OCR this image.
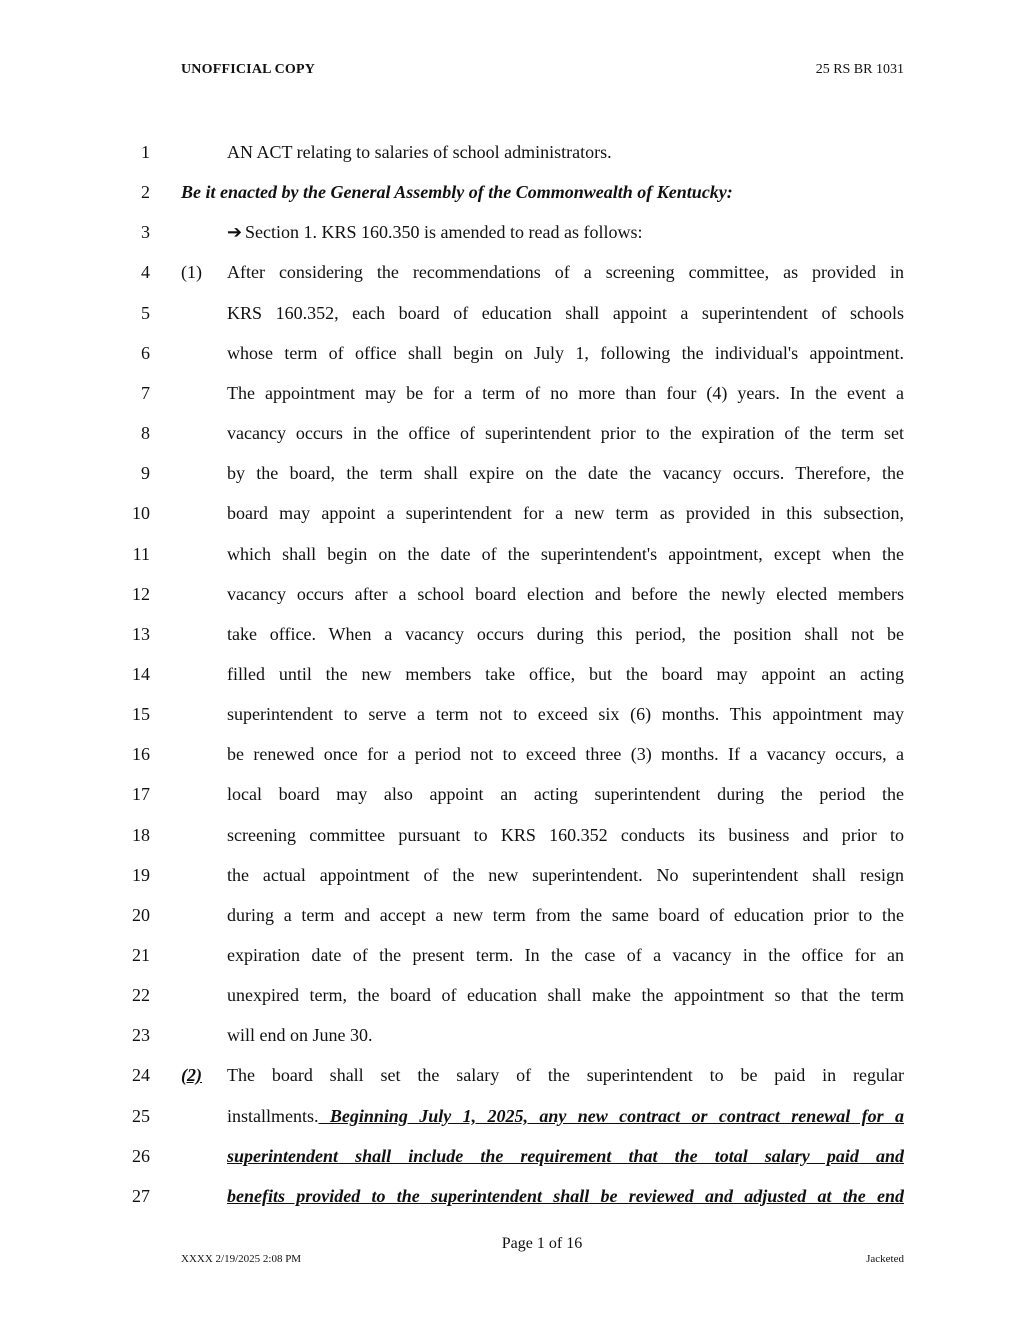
UNOFFICIAL COPY	25 RS BR 1031
1	AN ACT relating to salaries of school administrators.
2 Be it enacted by the General Assembly of the Commonwealth of Kentucky:
3	➔ Section 1. KRS 160.350 is amended to read as follows:
4 (1) After considering the recommendations of a screening committee, as provided in
5	KRS 160.352, each board of education shall appoint a superintendent of schools
6	whose term of office shall begin on July 1, following the individual's appointment.
7	The appointment may be for a term of no more than four (4) years. In the event a
8	vacancy occurs in the office of superintendent prior to the expiration of the term set
9	by the board, the term shall expire on the date the vacancy occurs. Therefore, the
10	board may appoint a superintendent for a new term as provided in this subsection,
11	which shall begin on the date of the superintendent's appointment, except when the
12	vacancy occurs after a school board election and before the newly elected members
13	take office. When a vacancy occurs during this period, the position shall not be
14	filled until the new members take office, but the board may appoint an acting
15	superintendent to serve a term not to exceed six (6) months. This appointment may
16	be renewed once for a period not to exceed three (3) months. If a vacancy occurs, a
17	local board may also appoint an acting superintendent during the period the
18	screening committee pursuant to KRS 160.352 conducts its business and prior to
19	the actual appointment of the new superintendent. No superintendent shall resign
20	during a term and accept a new term from the same board of education prior to the
21	expiration date of the present term. In the case of a vacancy in the office for an
22	unexpired term, the board of education shall make the appointment so that the term
23	will end on June 30.
24 (2) The board shall set the salary of the superintendent to be paid in regular
25	installments. Beginning July 1, 2025, any new contract or contract renewal for a
26	superintendent shall include the requirement that the total salary paid and
27	benefits provided to the superintendent shall be reviewed and adjusted at the end
Page 1 of 16
XXXX 2/19/2025 2:08 PM	Jacketed
